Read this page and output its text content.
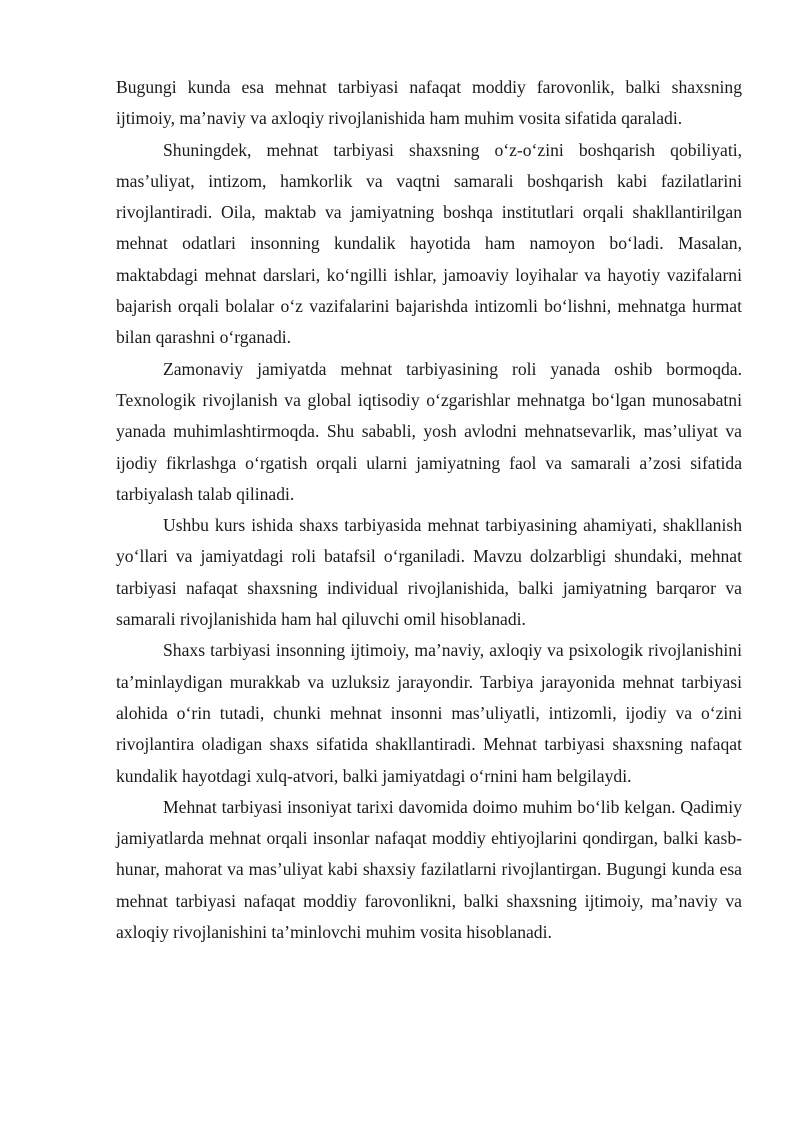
Bugungi kunda esa mehnat tarbiyasi nafaqat moddiy farovonlik, balki shaxsning ijtimoiy, ma’naviy va axloqiy rivojlanishida ham muhim vosita sifatida qaraladi.

Shuningdek, mehnat tarbiyasi shaxsning o‘z-o‘zini boshqarish qobiliyati, mas’uliyat, intizom, hamkorlik va vaqtni samarali boshqarish kabi fazilatlarini rivojlantiradi. Oila, maktab va jamiyatning boshqa institutlari orqali shakllantirilgan mehnat odatlari insonning kundalik hayotida ham namoyon bo‘ladi. Masalan, maktabdagi mehnat darslari, ko‘ngilli ishlar, jamoaviy loyihalar va hayotiy vazifalarni bajarish orqali bolalar o‘z vazifalarini bajarishda intizomli bo‘lishni, mehnatga hurmat bilan qarashni o‘rganadi.

Zamonaviy jamiyatda mehnat tarbiyasining roli yanada oshib bormoqda. Texnologik rivojlanish va global iqtisodiy o‘zgarishlar mehnatga bo‘lgan munosabatni yanada muhimlashtirmoqda. Shu sababli, yosh avlodni mehnatsevarlik, mas’uliyat va ijodiy fikrlashga o‘rgatish orqali ularni jamiyatning faol va samarali a’zosi sifatida tarbiyalash talab qilinadi.

Ushbu kurs ishida shaxs tarbiyasida mehnat tarbiyasining ahamiyati, shakllanish yo‘llari va jamiyatdagi roli batafsil o‘rganiladi. Mavzu dolzarbligi shundaki, mehnat tarbiyasi nafaqat shaxsning individual rivojlanishida, balki jamiyatning barqaror va samarali rivojlanishida ham hal qiluvchi omil hisoblanadi.

Shaxs tarbiyasi insonning ijtimoiy, ma’naviy, axloqiy va psixologik rivojlanishini ta’minlaydigan murakkab va uzluksiz jarayondir. Tarbiya jarayonida mehnat tarbiyasi alohida o‘rin tutadi, chunki mehnat insonni mas’uliyatli, intizomli, ijodiy va o‘zini rivojlantira oladigan shaxs sifatida shakllantiradi. Mehnat tarbiyasi shaxsning nafaqat kundalik hayotdagi xulq-atvori, balki jamiyatdagi o‘rnini ham belgilaydi.

Mehnat tarbiyasi insoniyat tarixi davomida doimo muhim bo‘lib kelgan. Qadimiy jamiyatlarda mehnat orqali insonlar nafaqat moddiy ehtiyojlarini qondirgan, balki kasb-hunar, mahorat va mas’uliyat kabi shaxsiy fazilatlarni rivojlantirgan. Bugungi kunda esa mehnat tarbiyasi nafaqat moddiy farovonlikni, balki shaxsning ijtimoiy, ma’naviy va axloqiy rivojlanishini ta’minlovchi muhim vosita hisoblanadi.
